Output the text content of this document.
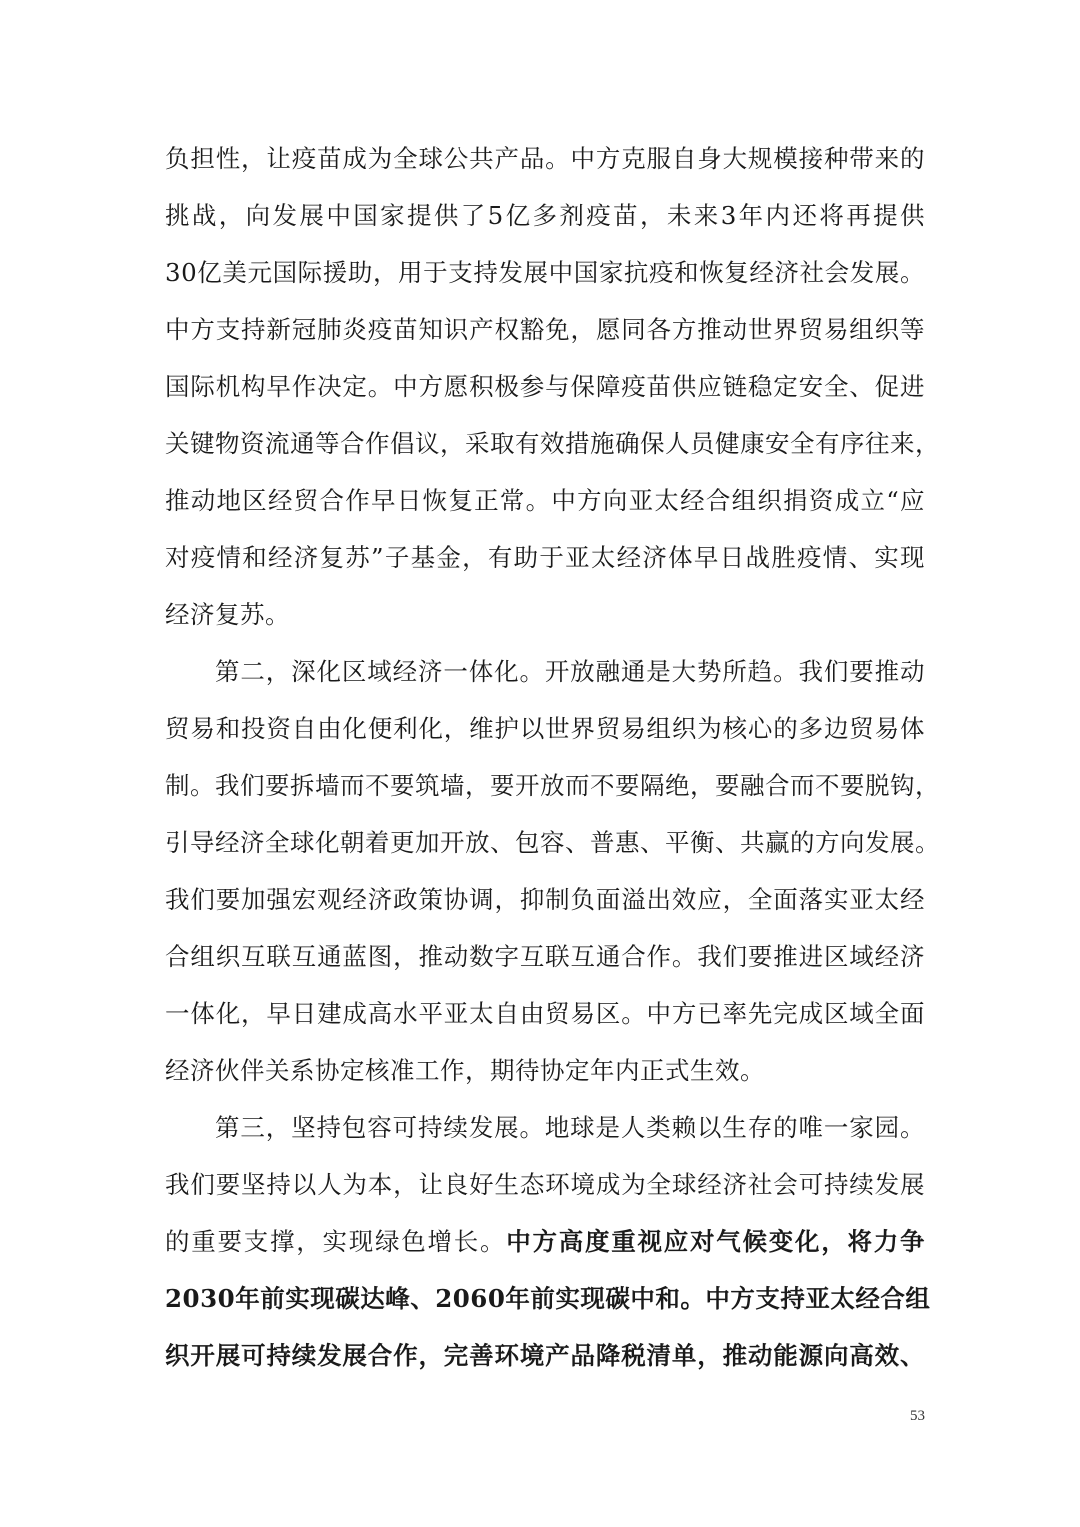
负担性，让疫苗成为全球公共产品。中方克服自身大规模接种带来的
挑战，向发展中国家提供了5亿多剂疫苗，未来3年内还将再提供
30亿美元国际援助，用于支持发展中国家抗疫和恢复经济社会发展。
中方支持新冠肺炎疫苗知识产权豁免，愿同各方推动世界贸易组织等
国际机构早作决定。中方愿积极参与保障疫苗供应链稳定安全、促进
关键物资流通等合作倡议，采取有效措施确保人员健康安全有序往来，
推动地区经贸合作早日恢复正常。中方向亚太经合组织捐资成立“应
对疫情和经济复苏”子基金，有助于亚太经济体早日战胜疫情、实现
经济复苏。
第二，深化区域经济一体化。开放融通是大势所趋。我们要推动
贸易和投资自由化便利化，维护以世界贸易组织为核心的多边贸易体
制。我们要拆墙而不要筑墙，要开放而不要隔绝，要融合而不要脱钩，
引导经济全球化朝着更加开放、包容、普惠、平衡、共赢的方向发展。
我们要加强宏观经济政策协调，抑制负面溢出效应，全面落实亚太经
合组织互联互通蓝图，推动数字互联互通合作。我们要推进区域经济
一体化，早日建成高水平亚太自由贸易区。中方已率先完成区域全面
经济伙伴关系协定核准工作，期待协定年内正式生效。
第三，坚持包容可持续发展。地球是人类赖以生存的唯一家园。
我们要坚持以人为本，让良好生态环境成为全球经济社会可持续发展
的重要支撑，实现绿色增长。中方高度重视应对气候变化，将力争
2030年前实现碳达峰、2060年前实现碳中和。中方支持亚太经合组
织开展可持续发展合作，完善环境产品降税清单，推动能源向高效、
53
